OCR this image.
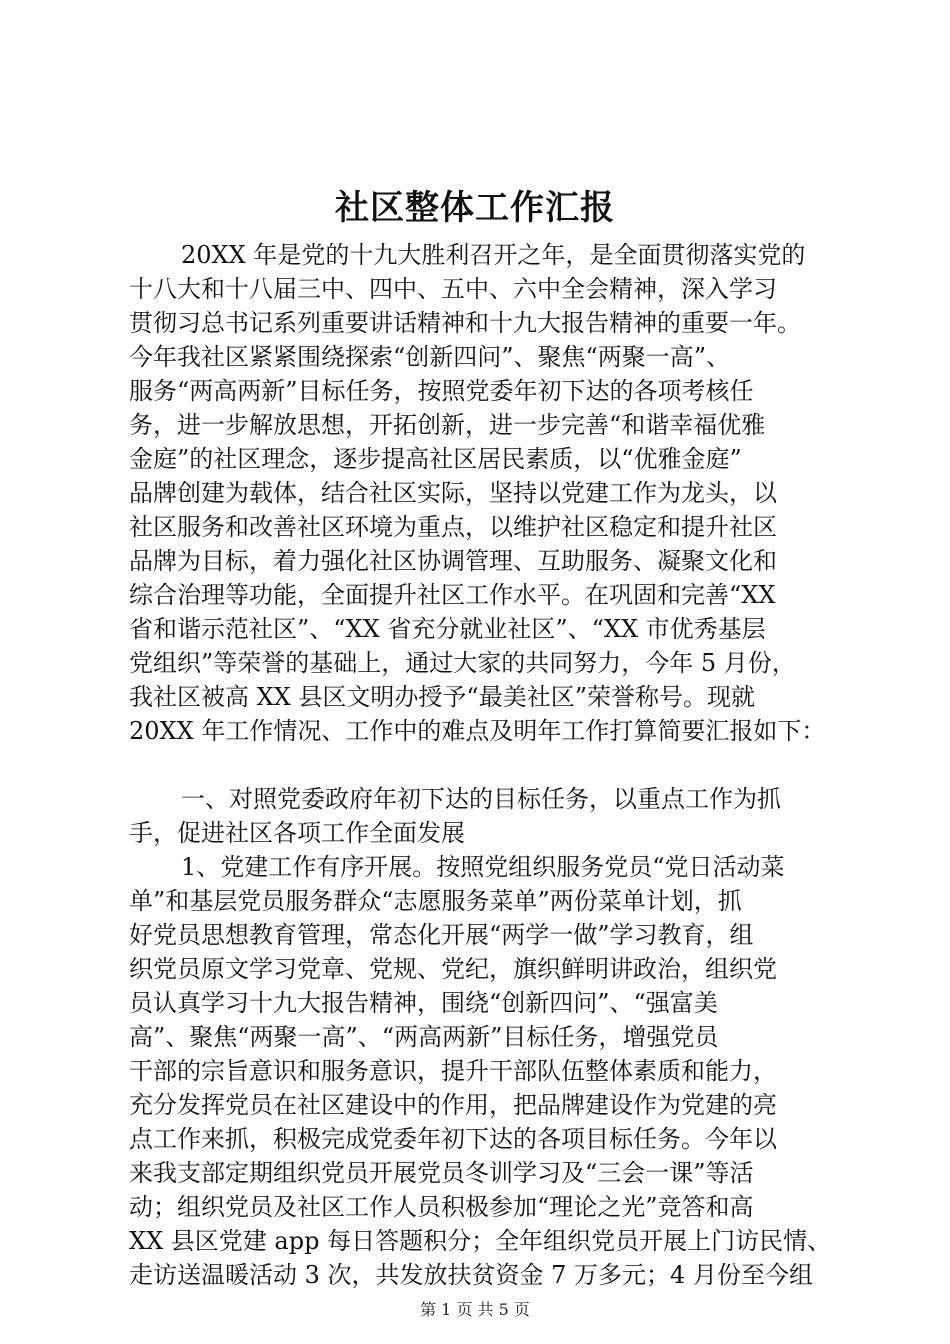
社区整体工作汇报
20XX 年是党的十九大胜利召开之年，是全面贯彻落实党的
十八大和十八届三中、四中、五中、六中全会精神，深入学习
贯彻习总书记系列重要讲话精神和十九大报告精神的重要一年。
今年我社区紧紧围绕探索“创新四问”、聚焦“两聚一高”、
服务“两高两新”目标任务，按照党委年初下达的各项考核任
务，进一步解放思想，开拓创新，进一步完善“和谐幸福优雅
金庭”的社区理念，逐步提高社区居民素质，以“优雅金庭”
品牌创建为载体，结合社区实际，坚持以党建工作为龙头，以
社区服务和改善社区环境为重点，以维护社区稳定和提升社区
品牌为目标，着力强化社区协调管理、互助服务、凝聚文化和
综合治理等功能，全面提升社区工作水平。在巩固和完善“XX
省和谐示范社区”、“XX 省充分就业社区”、“XX 市优秀基层
党组织”等荣誉的基础上，通过大家的共同努力，今年 5 月份，
我社区被高 XX 县区文明办授予“最美社区”荣誉称号。现就
20XX 年工作情况、工作中的难点及明年工作打算简要汇报如下：
一、对照党委政府年初下达的目标任务，以重点工作为抓
手，促进社区各项工作全面发展
1、党建工作有序开展。按照党组织服务党员“党日活动菜
单”和基层党员服务群众“志愿服务菜单”两份菜单计划，抓
好党员思想教育管理，常态化开展“两学一做”学习教育，组
织党员原文学习党章、党规、党纪，旗织鲜明讲政治，组织党
员认真学习十九大报告精神，围绕“创新四问”、“强富美
高”、聚焦“两聚一高”、“两高两新”目标任务，增强党员
干部的宗旨意识和服务意识，提升干部队伍整体素质和能力，
充分发挥党员在社区建设中的作用，把品牌建设作为党建的亮
点工作来抓，积极完成党委年初下达的各项目标任务。今年以
来我支部定期组织党员开展党员冬训学习及“三会一课”等活
动；组织党员及社区工作人员积极参加“理论之光”竞答和高
XX 县区党建 app 每日答题积分；全年组织党员开展上门访民情、
走访送温暖活动 3 次，共发放扶贫资金 7 万多元；4 月份至今组
第 1 页 共 5 页
